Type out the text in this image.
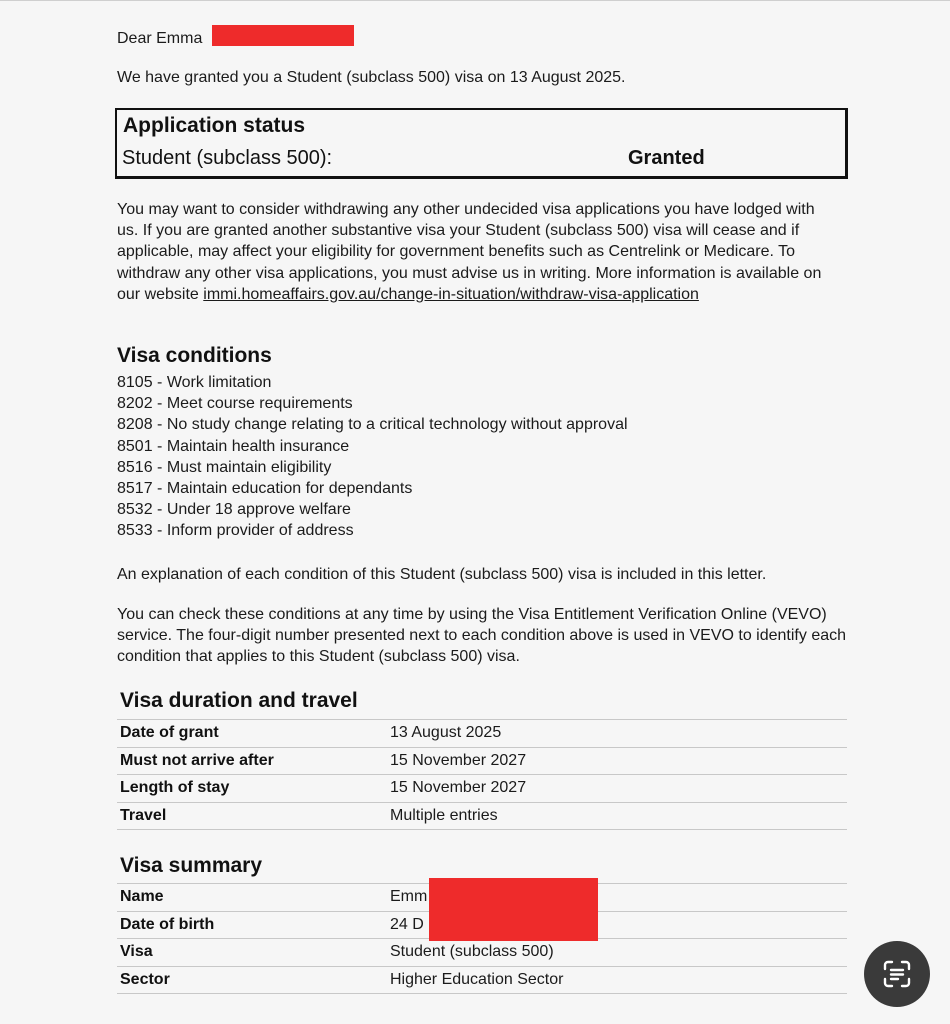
Dear Emma
We have granted you a Student (subclass 500) visa on 13 August 2025.
Application status
Student (subclass 500):	Granted
You may want to consider withdrawing any other undecided visa applications you have lodged with us. If you are granted another substantive visa your Student (subclass 500) visa will cease and if applicable, may affect your eligibility for government benefits such as Centrelink or Medicare. To withdraw any other visa applications, you must advise us in writing. More information is available on our website immi.homeaffairs.gov.au/change-in-situation/withdraw-visa-application
Visa conditions
8105 - Work limitation
8202 - Meet course requirements
8208 - No study change relating to a critical technology without approval
8501 - Maintain health insurance
8516 - Must maintain eligibility
8517 - Maintain education for dependants
8532 - Under 18 approve welfare
8533 - Inform provider of address
An explanation of each condition of this Student (subclass 500) visa is included in this letter.
You can check these conditions at any time by using the Visa Entitlement Verification Online (VEVO) service. The four-digit number presented next to each condition above is used in VEVO to identify each condition that applies to this Student (subclass 500) visa.
Visa duration and travel
Date of grant	13 August 2025
Must not arrive after	15 November 2027
Length of stay	15 November 2027
Travel	Multiple entries
Visa summary
Name	Emm
Date of birth	24 D
Visa	Student (subclass 500)
Sector	Higher Education Sector
